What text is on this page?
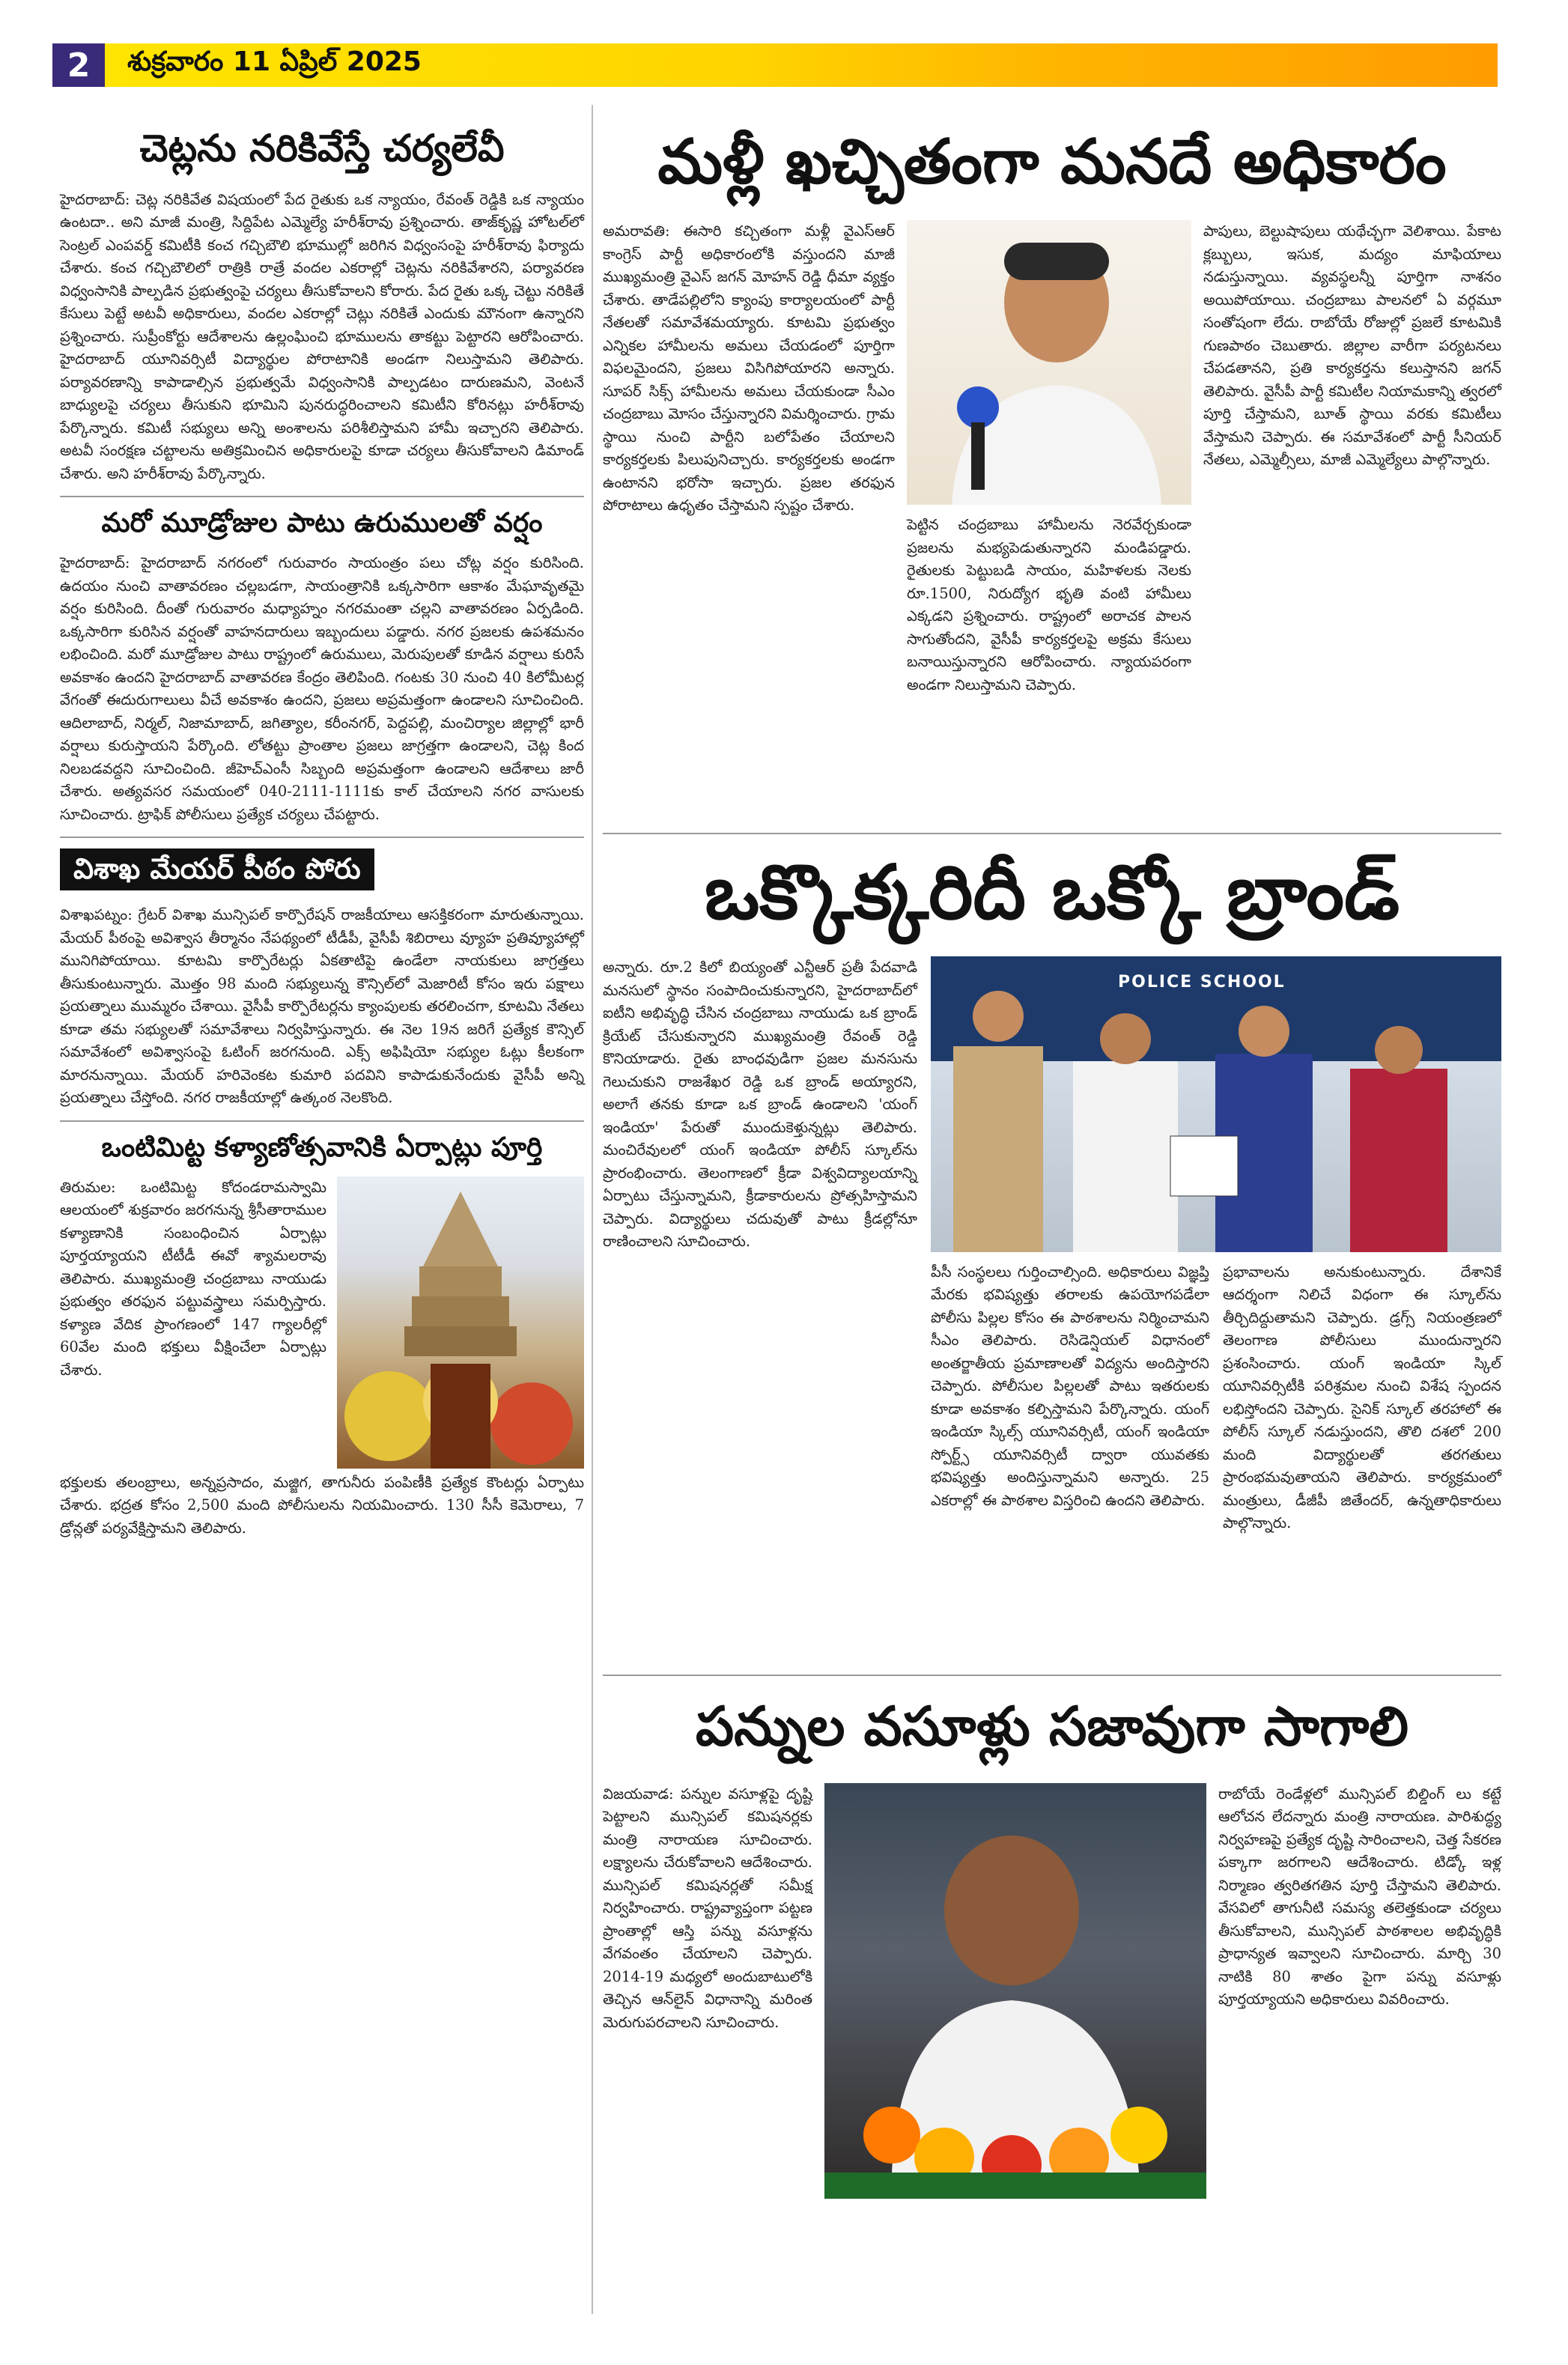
2	శుక్రవారం 11 ఏప్రిల్ 2025
చెట్లను నరికివేస్తే చర్యలేవీ
హైదరాబాద్: చెట్ల నరికివేత విషయంలో పేద రైతుకు ఒక న్యాయం, రేవంత్ రెడ్డికి ఒక న్యాయం ఉంటదా.. అని మాజీ మంత్రి, సిద్దిపేట ఎమ్మెల్యే హరీశ్‌రావు ప్రశ్నించారు. తాజ్‌కృష్ణ హోటల్‌లో సెంట్రల్ ఎంపవర్డ్ కమిటీకి కంచ గచ్చిబౌలి భూముల్లో జరిగిన విధ్వంసంపై హరీశ్‌రావు ఫిర్యాదు చేశారు. కంచ గచ్చిబౌలిలో రాత్రికి రాత్రే వందల ఎకరాల్లో చెట్లను నరికివేశారని, పర్యావరణ విధ్వంసానికి పాల్పడిన ప్రభుత్వంపై చర్యలు తీసుకోవాలని కోరారు. పేద రైతు ఒక్క చెట్టు నరికితే కేసులు పెట్టే అటవీ అధికారులు, వందల ఎకరాల్లో చెట్లు నరికితే ఎందుకు మౌనంగా ఉన్నారని ప్రశ్నించారు. సుప్రీంకోర్టు ఆదేశాలను ఉల్లంఘించి భూములను తాకట్టు పెట్టారని ఆరోపించారు. హైదరాబాద్ యూనివర్సిటీ విద్యార్థుల పోరాటానికి అండగా నిలుస్తామని తెలిపారు. పర్యావరణాన్ని కాపాడాల్సిన ప్రభుత్వమే విధ్వంసానికి పాల్పడటం దారుణమని, వెంటనే బాధ్యులపై చర్యలు తీసుకుని భూమిని పునరుద్ధరించాలని కమిటీని కోరినట్లు హరీశ్‌రావు పేర్కొన్నారు. కమిటీ సభ్యులు అన్ని అంశాలను పరిశీలిస్తామని హామీ ఇచ్చారని తెలిపారు. అటవీ సంరక్షణ చట్టాలను అతిక్రమించిన అధికారులపై కూడా చర్యలు తీసుకోవాలని డిమాండ్ చేశారు. అని హరీశ్‌రావు పేర్కొన్నారు.
మరో మూడ్రోజుల పాటు ఉరుములతో వర్షం
హైదరాబాద్: హైదరాబాద్ నగరంలో గురువారం సాయంత్రం పలు చోట్ల వర్షం కురిసింది. ఉదయం నుంచి వాతావరణం చల్లబడగా, సాయంత్రానికి ఒక్కసారిగా ఆకాశం మేఘావృతమై వర్షం కురిసింది. దీంతో గురువారం మధ్యాహ్నం నగరమంతా చల్లని వాతావరణం ఏర్పడింది. ఒక్కసారిగా కురిసిన వర్షంతో వాహనదారులు ఇబ్బందులు పడ్డారు. నగర ప్రజలకు ఉపశమనం లభించింది. మరో మూడ్రోజుల పాటు రాష్ట్రంలో ఉరుములు, మెరుపులతో కూడిన వర్షాలు కురిసే అవకాశం ఉందని హైదరాబాద్ వాతావరణ కేంద్రం తెలిపింది. గంటకు 30 నుంచి 40 కిలోమీటర్ల వేగంతో ఈదురుగాలులు వీచే అవకాశం ఉందని, ప్రజలు అప్రమత్తంగా ఉండాలని సూచించింది. ఆదిలాబాద్, నిర్మల్, నిజామాబాద్, జగిత్యాల, కరీంనగర్, పెద్దపల్లి, మంచిర్యాల జిల్లాల్లో భారీ వర్షాలు కురుస్తాయని పేర్కొంది. లోతట్టు ప్రాంతాల ప్రజలు జాగ్రత్తగా ఉండాలని, చెట్ల కింద నిలబడవద్దని సూచించింది. జీహెచ్ఎంసీ సిబ్బంది అప్రమత్తంగా ఉండాలని ఆదేశాలు జారీ చేశారు. అత్యవసర సమయంలో 040-2111-1111కు కాల్ చేయాలని నగర వాసులకు సూచించారు. ట్రాఫిక్ పోలీసులు ప్రత్యేక చర్యలు చేపట్టారు.
విశాఖ మేయర్ పీఠం పోరు
విశాఖపట్నం: గ్రేటర్ విశాఖ మున్సిపల్ కార్పొరేషన్ రాజకీయాలు ఆసక్తికరంగా మారుతున్నాయి. మేయర్ పీఠంపై అవిశ్వాస తీర్మానం నేపథ్యంలో టీడీపీ, వైసీపీ శిబిరాలు వ్యూహ ప్రతివ్యూహాల్లో మునిగిపోయాయి. కూటమి కార్పొరేటర్లు ఏకతాటిపై ఉండేలా నాయకులు జాగ్రత్తలు తీసుకుంటున్నారు. మొత్తం 98 మంది సభ్యులున్న కౌన్సిల్‌లో మెజారిటీ కోసం ఇరు పక్షాలు ప్రయత్నాలు ముమ్మరం చేశాయి. వైసీపీ కార్పొరేటర్లను క్యాంపులకు తరలించగా, కూటమి నేతలు కూడా తమ సభ్యులతో సమావేశాలు నిర్వహిస్తున్నారు. ఈ నెల 19న జరిగే ప్రత్యేక కౌన్సిల్ సమావేశంలో అవిశ్వాసంపై ఓటింగ్ జరగనుంది. ఎక్స్ అఫిషియో సభ్యుల ఓట్లు కీలకంగా మారనున్నాయి. మేయర్ హరివెంకట కుమారి పదవిని కాపాడుకునేందుకు వైసీపీ అన్ని ప్రయత్నాలు చేస్తోంది. నగర రాజకీయాల్లో ఉత్కంఠ నెలకొంది.
ఒంటిమిట్ట కళ్యాణోత్సవానికి ఏర్పాట్లు పూర్తి
తిరుమల: ఒంటిమిట్ట కోదండరామస్వామి ఆలయంలో శుక్రవారం జరగనున్న శ్రీసీతారాముల కళ్యాణానికి సంబంధించిన ఏర్పాట్లు పూర్తయ్యాయని టీటీడీ ఈవో శ్యామలరావు తెలిపారు. ముఖ్యమంత్రి చంద్రబాబు నాయుడు ప్రభుత్వం తరఫున పట్టువస్త్రాలు సమర్పిస్తారు. కళ్యాణ వేదిక ప్రాంగణంలో 147 గ్యాలరీల్లో 60వేల మంది భక్తులు వీక్షించేలా ఏర్పాట్లు చేశారు.
భక్తులకు తలంబ్రాలు, అన్నప్రసాదం, మజ్జిగ, తాగునీరు పంపిణీకి ప్రత్యేక కౌంటర్లు ఏర్పాటు చేశారు. భద్రత కోసం 2,500 మంది పోలీసులను నియమించారు. 130 సీసీ కెమెరాలు, 7 డ్రోన్లతో పర్యవేక్షిస్తామని తెలిపారు.
మళ్లీ ఖచ్చితంగా మనదే అధికారం
అమరావతి: ఈసారి కచ్చితంగా మళ్లీ వైఎస్ఆర్ కాంగ్రెస్ పార్టీ అధికారంలోకి వస్తుందని మాజీ ముఖ్యమంత్రి వైఎస్ జగన్ మోహన్ రెడ్డి ధీమా వ్యక్తం చేశారు. తాడేపల్లిలోని క్యాంపు కార్యాలయంలో పార్టీ నేతలతో సమావేశమయ్యారు. కూటమి ప్రభుత్వం ఎన్నికల హామీలను అమలు చేయడంలో పూర్తిగా విఫలమైందని, ప్రజలు విసిగిపోయారని అన్నారు. సూపర్ సిక్స్ హామీలను అమలు చేయకుండా సీఎం చంద్రబాబు మోసం చేస్తున్నారని విమర్శించారు. గ్రామ స్థాయి నుంచి పార్టీని బలోపేతం చేయాలని కార్యకర్తలకు పిలుపునిచ్చారు. కార్యకర్తలకు అండగా ఉంటానని భరోసా ఇచ్చారు. ప్రజల తరఫున పోరాటాలు ఉధృతం చేస్తామని స్పష్టం చేశారు.
పెట్టిన చంద్రబాబు హామీలను నెరవేర్చకుండా ప్రజలను మభ్యపెడుతున్నారని మండిపడ్డారు. రైతులకు పెట్టుబడి సాయం, మహిళలకు నెలకు రూ.1500, నిరుద్యోగ భృతి వంటి హామీలు ఎక్కడని ప్రశ్నించారు. రాష్ట్రంలో అరాచక పాలన సాగుతోందని, వైసీపీ కార్యకర్తలపై అక్రమ కేసులు బనాయిస్తున్నారని ఆరోపించారు. న్యాయపరంగా అండగా నిలుస్తామని చెప్పారు.
పాపులు, బెల్టుషాపులు యథేచ్ఛగా వెలిశాయి. పేకాట క్లబ్బులు, ఇసుక, మద్యం మాఫియాలు నడుస్తున్నాయి. వ్యవస్థలన్నీ పూర్తిగా నాశనం అయిపోయాయి. చంద్రబాబు పాలనలో ఏ వర్గమూ సంతోషంగా లేదు. రాబోయే రోజుల్లో ప్రజలే కూటమికి గుణపాఠం చెబుతారు. జిల్లాల వారీగా పర్యటనలు చేపడతానని, ప్రతి కార్యకర్తను కలుస్తానని జగన్ తెలిపారు. వైసీపీ పార్టీ కమిటీల నియామకాన్ని త్వరలో పూర్తి చేస్తామని, బూత్ స్థాయి వరకు కమిటీలు వేస్తామని చెప్పారు. ఈ సమావేశంలో పార్టీ సీనియర్ నేతలు, ఎమ్మెల్సీలు, మాజీ ఎమ్మెల్యేలు పాల్గొన్నారు.
ఒక్కొక్కరిదీ ఒక్కో బ్రాండ్
అన్నారు. రూ.2 కిలో బియ్యంతో ఎన్టీఆర్ ప్రతీ పేదవాడి మనసులో స్థానం సంపాదించుకున్నారని, హైదరాబాద్‌లో ఐటీని అభివృద్ధి చేసిన చంద్రబాబు నాయుడు ఒక బ్రాండ్ క్రియేట్ చేసుకున్నారని ముఖ్యమంత్రి రేవంత్ రెడ్డి కొనియాడారు. రైతు బాంధవుడిగా ప్రజల మనసును గెలుచుకుని రాజశేఖర రెడ్డి ఒక బ్రాండ్ అయ్యారని, అలాగే తనకు కూడా ఒక బ్రాండ్ ఉండాలని 'యంగ్ ఇండియా' పేరుతో ముందుకెళ్తున్నట్లు తెలిపారు. మంచిరేవులలో యంగ్ ఇండియా పోలీస్ స్కూల్‌ను ప్రారంభించారు. తెలంగాణలో క్రీడా విశ్వవిద్యాలయాన్ని ఏర్పాటు చేస్తున్నామని, క్రీడాకారులను ప్రోత్సహిస్తామని చెప్పారు. విద్యార్థులు చదువుతో పాటు క్రీడల్లోనూ రాణించాలని సూచించారు.
POLICE SCHOOL
పీసీ సంస్థలలు గుర్తించాల్సింది. అధికారులు విజ్ఞప్తి మేరకు భవిష్యత్తు తరాలకు ఉపయోగపడేలా పోలీసు పిల్లల కోసం ఈ పాఠశాలను నిర్మించామని సీఎం తెలిపారు. రెసిడెన్షియల్ విధానంలో అంతర్జాతీయ ప్రమాణాలతో విద్యను అందిస్తారని చెప్పారు. పోలీసుల పిల్లలతో పాటు ఇతరులకు కూడా అవకాశం కల్పిస్తామని పేర్కొన్నారు. యంగ్ ఇండియా స్కిల్స్ యూనివర్సిటీ, యంగ్ ఇండియా స్పోర్ట్స్ యూనివర్సిటీ ద్వారా యువతకు భవిష్యత్తు అందిస్తున్నామని అన్నారు. 25 ఎకరాల్లో ఈ పాఠశాల విస్తరించి ఉందని తెలిపారు.
ప్రభావాలను అనుకుంటున్నారు. దేశానికే ఆదర్శంగా నిలిచే విధంగా ఈ స్కూల్‌ను తీర్చిదిద్దుతామని చెప్పారు. డ్రగ్స్ నియంత్రణలో తెలంగాణ పోలీసులు ముందున్నారని ప్రశంసించారు. యంగ్ ఇండియా స్కిల్ యూనివర్సిటీకి పరిశ్రమల నుంచి విశేష స్పందన లభిస్తోందని చెప్పారు. సైనిక్ స్కూల్ తరహాలో ఈ పోలీస్ స్కూల్ నడుస్తుందని, తొలి దశలో 200 మంది విద్యార్థులతో తరగతులు ప్రారంభమవుతాయని తెలిపారు. కార్యక్రమంలో మంత్రులు, డీజీపీ జితేందర్, ఉన్నతాధికారులు పాల్గొన్నారు.
పన్నుల వసూళ్లు సజావుగా సాగాలి
విజయవాడ: పన్నుల వసూళ్లపై దృష్టి పెట్టాలని మున్సిపల్ కమిషనర్లకు మంత్రి నారాయణ సూచించారు. లక్ష్యాలను చేరుకోవాలని ఆదేశించారు. మున్సిపల్ కమిషనర్లతో సమీక్ష నిర్వహించారు. రాష్ట్రవ్యాప్తంగా పట్టణ ప్రాంతాల్లో ఆస్తి పన్ను వసూళ్లను వేగవంతం చేయాలని చెప్పారు. 2014-19 మధ్యలో అందుబాటులోకి తెచ్చిన ఆన్‌లైన్ విధానాన్ని మరింత మెరుగుపరచాలని సూచించారు.
రాబోయే రెండేళ్లలో మున్సిపల్ బిల్డింగ్ లు కట్టే ఆలోచన లేదన్నారు మంత్రి నారాయణ. పారిశుద్ధ్య నిర్వహణపై ప్రత్యేక దృష్టి సారించాలని, చెత్త సేకరణ పక్కాగా జరగాలని ఆదేశించారు. టిడ్కో ఇళ్ల నిర్మాణం త్వరితగతిన పూర్తి చేస్తామని తెలిపారు. వేసవిలో తాగునీటి సమస్య తలెత్తకుండా చర్యలు తీసుకోవాలని, మున్సిపల్ పాఠశాలల అభివృద్ధికి ప్రాధాన్యత ఇవ్వాలని సూచించారు. మార్చి 30 నాటికి 80 శాతం పైగా పన్ను వసూళ్లు పూర్తయ్యాయని అధికారులు వివరించారు.
